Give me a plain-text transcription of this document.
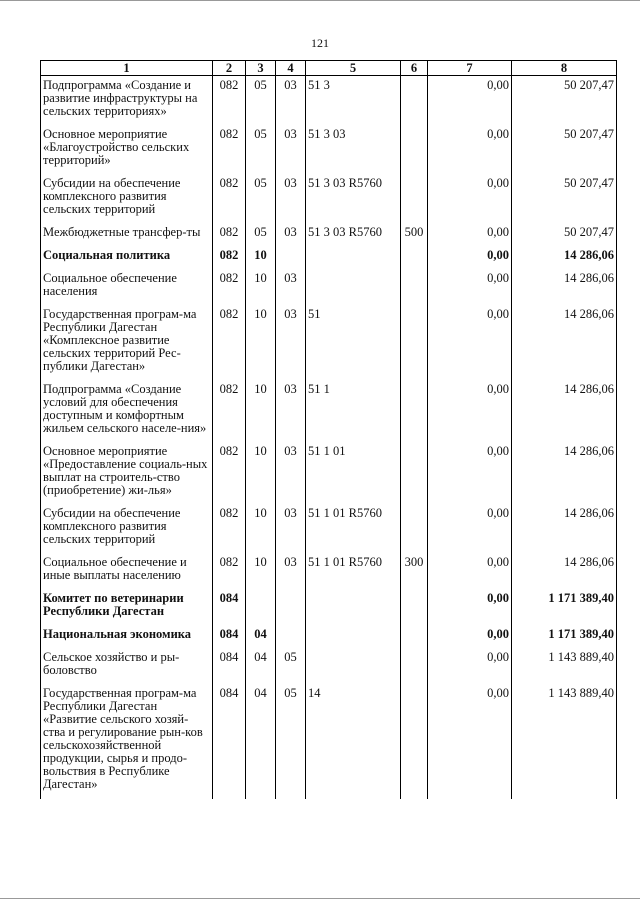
121
1	2	3	4	5	6	7	8
Подпрограмма «Создание и развитие инфраструктуры на сельских территориях»	082	05	03	51 3		0,00	50 207,47
Основное мероприятие «Благоустройство сельских территорий»	082	05	03	51 3 03		0,00	50 207,47
Субсидии на обеспечение комплексного развития сельских территорий	082	05	03	51 3 03 R5760		0,00	50 207,47
Межбюджетные трансфер-ты	082	05	03	51 3 03 R5760	500	0,00	50 207,47
Социальная политика	082	10				0,00	14 286,06
Социальное обеспечение населения	082	10	03			0,00	14 286,06
Государственная програм-ма Республики Дагестан «Комплексное развитие сельских территорий Рес-публики Дагестан»	082	10	03	51		0,00	14 286,06
Подпрограмма «Создание условий для обеспечения доступным и комфортным жильем сельского населе-ния»	082	10	03	51 1		0,00	14 286,06
Основное мероприятие «Предоставление социаль-ных выплат на строитель-ство (приобретение) жи-лья»	082	10	03	51 1 01		0,00	14 286,06
Субсидии на обеспечение комплексного развития сельских территорий	082	10	03	51 1 01 R5760		0,00	14 286,06
Социальное обеспечение и иные выплаты населению	082	10	03	51 1 01 R5760	300	0,00	14 286,06
Комитет по ветеринарии Республики Дагестан	084					0,00	1 171 389,40
Национальная экономика	084	04				0,00	1 171 389,40
Сельское хозяйство и ры-боловство	084	04	05			0,00	1 143 889,40
Государственная програм-ма Республики Дагестан «Развитие сельского хозяй-ства и регулирование рын-ков сельскохозяйственной продукции, сырья и продо-вольствия в Республике Дагестан»	084	04	05	14		0,00	1 143 889,40
